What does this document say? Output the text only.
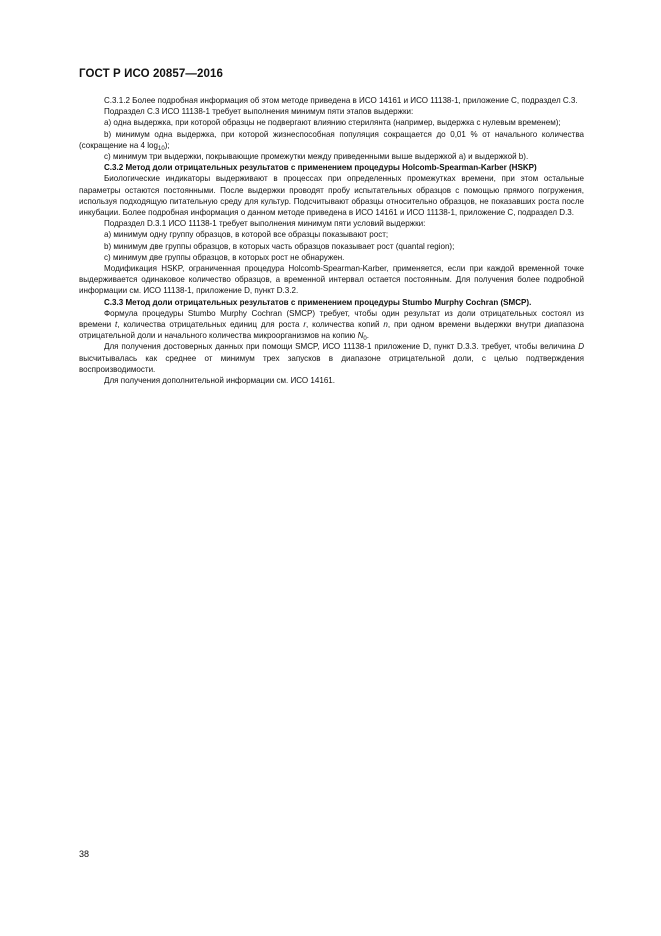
ГОСТ Р ИСО 20857—2016

С.3.1.2 Более подробная информация об этом методе приведена в ИСО 14161 и ИСО 11138-1, приложение С, подраздел С.3.

Подраздел С.3 ИСО 11138-1 требует выполнения минимум пяти этапов выдержки:

a) одна выдержка, при которой образцы не подвергают влиянию стерилянта (например, выдержка с нулевым временем);

b) минимум одна выдержка, при которой жизнеспособная популяция сокращается до 0,01 % от начального количества (сокращение на 4 $\log_{10}$);

c) минимум три выдержки, покрывающие промежутки между приведенными выше выдержкой а) и выдержкой b).

С.3.2 Метод доли отрицательных результатов с применением процедуры Holcomb-Spearman-Karber (HSKP)

Биологические индикаторы выдерживают в процессах при определенных промежутках времени, при этом остальные параметры остаются постоянными. После выдержки проводят пробу испытательных образцов с помощью прямого погружения, используя подходящую питательную среду для культур. Подсчитывают образцы относительно образцов, не показавших роста после инкубации. Более подробная информация о данном методе приведена в ИСО 14161 и ИСО 11138-1, приложение С, подраздел D.3.

Подраздел D.3.1 ИСО 11138-1 требует выполнения минимум пяти условий выдержки:

a) минимум одну группу образцов, в которой все образцы показывают рост;

b) минимум две группы образцов, в которых часть образцов показывает рост (quantal region);

c) минимум две группы образцов, в которых рост не обнаружен.

Модификация HSKP, ограниченная процедура Holcomb-Spearman-Karber, применяется, если при каждой временной точке выдерживается одинаковое количество образцов, а временной интервал остается постоянным. Для получения более подробной информации см. ИСО 11138-1, приложение D, пункт D.3.2.

С.3.3 Метод доли отрицательных результатов с применением процедуры Stumbo Murphy Cochran (SMCP).

Формула процедуры Stumbo Murphy Cochran (SMCP) требует, чтобы один результат из доли отрицательных состоял из времени t, количества отрицательных единиц для роста r, количества копий n, при одном времени выдержки внутри диапазона отрицательной доли и начального количества микроорганизмов на копию $N_0$.

Для получения достоверных данных при помощи SMCP, ИСО 11138-1 приложение D, пункт D.3.3. требует, чтобы величина D высчитывалась как среднее от минимум трех запусков в диапазоне отрицательной доли, с целью подтверждения воспроизводимости.

Для получения дополнительной информации см. ИСО 14161.

38
